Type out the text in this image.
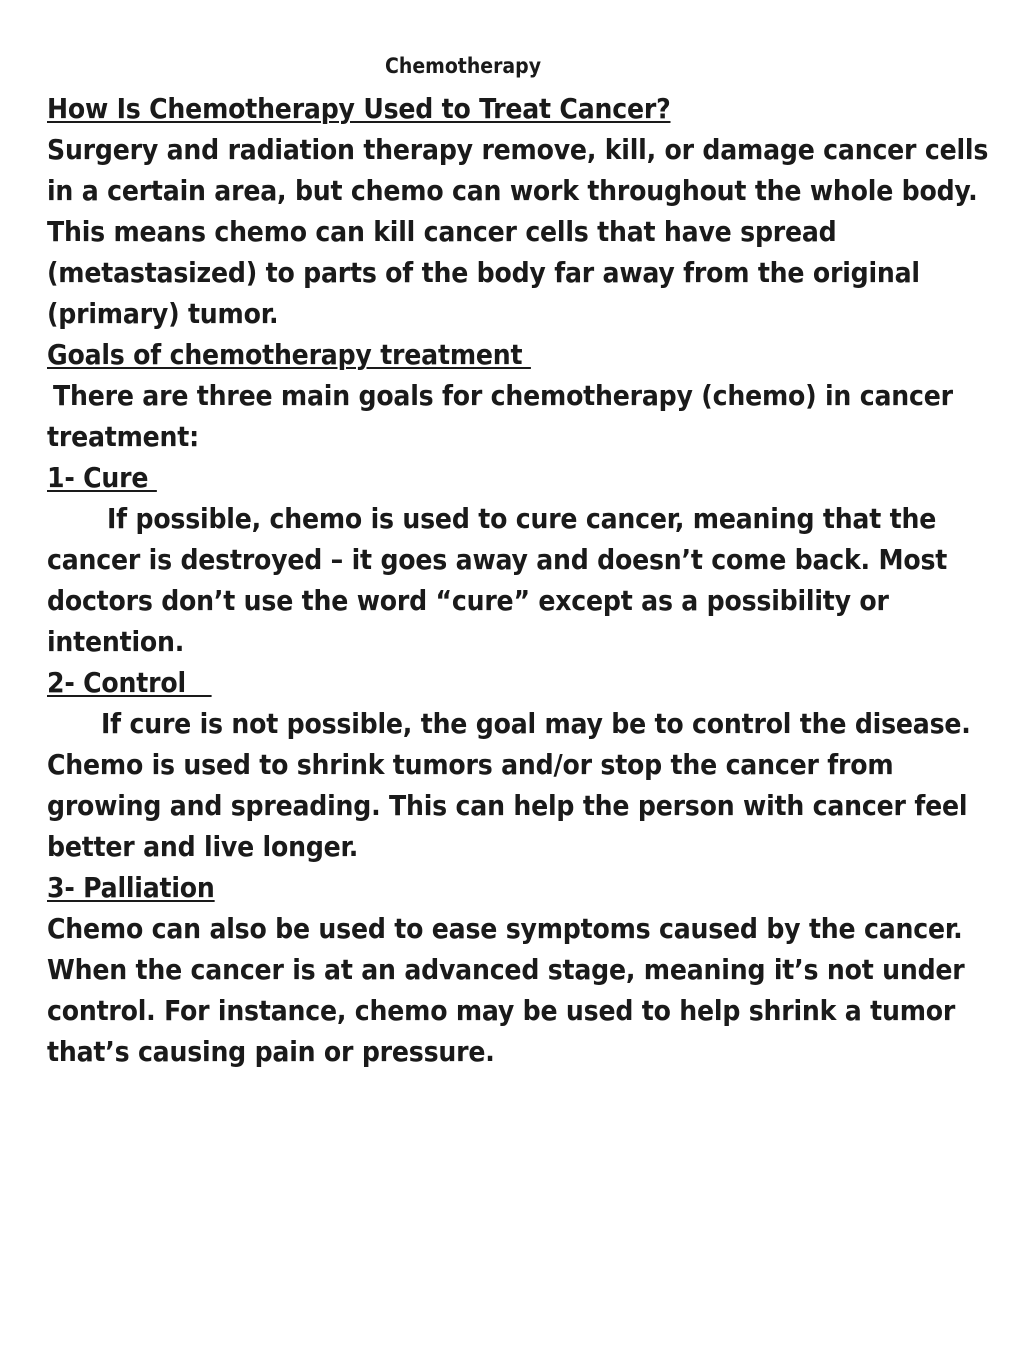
Chemotherapy
How Is Chemotherapy Used to Treat Cancer?
Surgery and radiation therapy remove, kill, or damage cancer cells
in a certain area, but chemo can work throughout the whole body.
This means chemo can kill cancer cells that have spread
(metastasized) to parts of the body far away from the original
(primary) tumor.
Goals of chemotherapy treatment
There are three main goals for chemotherapy (chemo) in cancer
treatment:
1- Cure
If possible, chemo is used to cure cancer, meaning that the
cancer is destroyed – it goes away and doesn’t come back. Most
doctors don’t use the word “cure” except as a possibility or
intention.
2- Control
If cure is not possible, the goal may be to control the disease.
Chemo is used to shrink tumors and/or stop the cancer from
growing and spreading. This can help the person with cancer feel
better and live longer.
3- Palliation
Chemo can also be used to ease symptoms caused by the cancer.
When the cancer is at an advanced stage, meaning it’s not under
control. For instance, chemo may be used to help shrink a tumor
that’s causing pain or pressure.
